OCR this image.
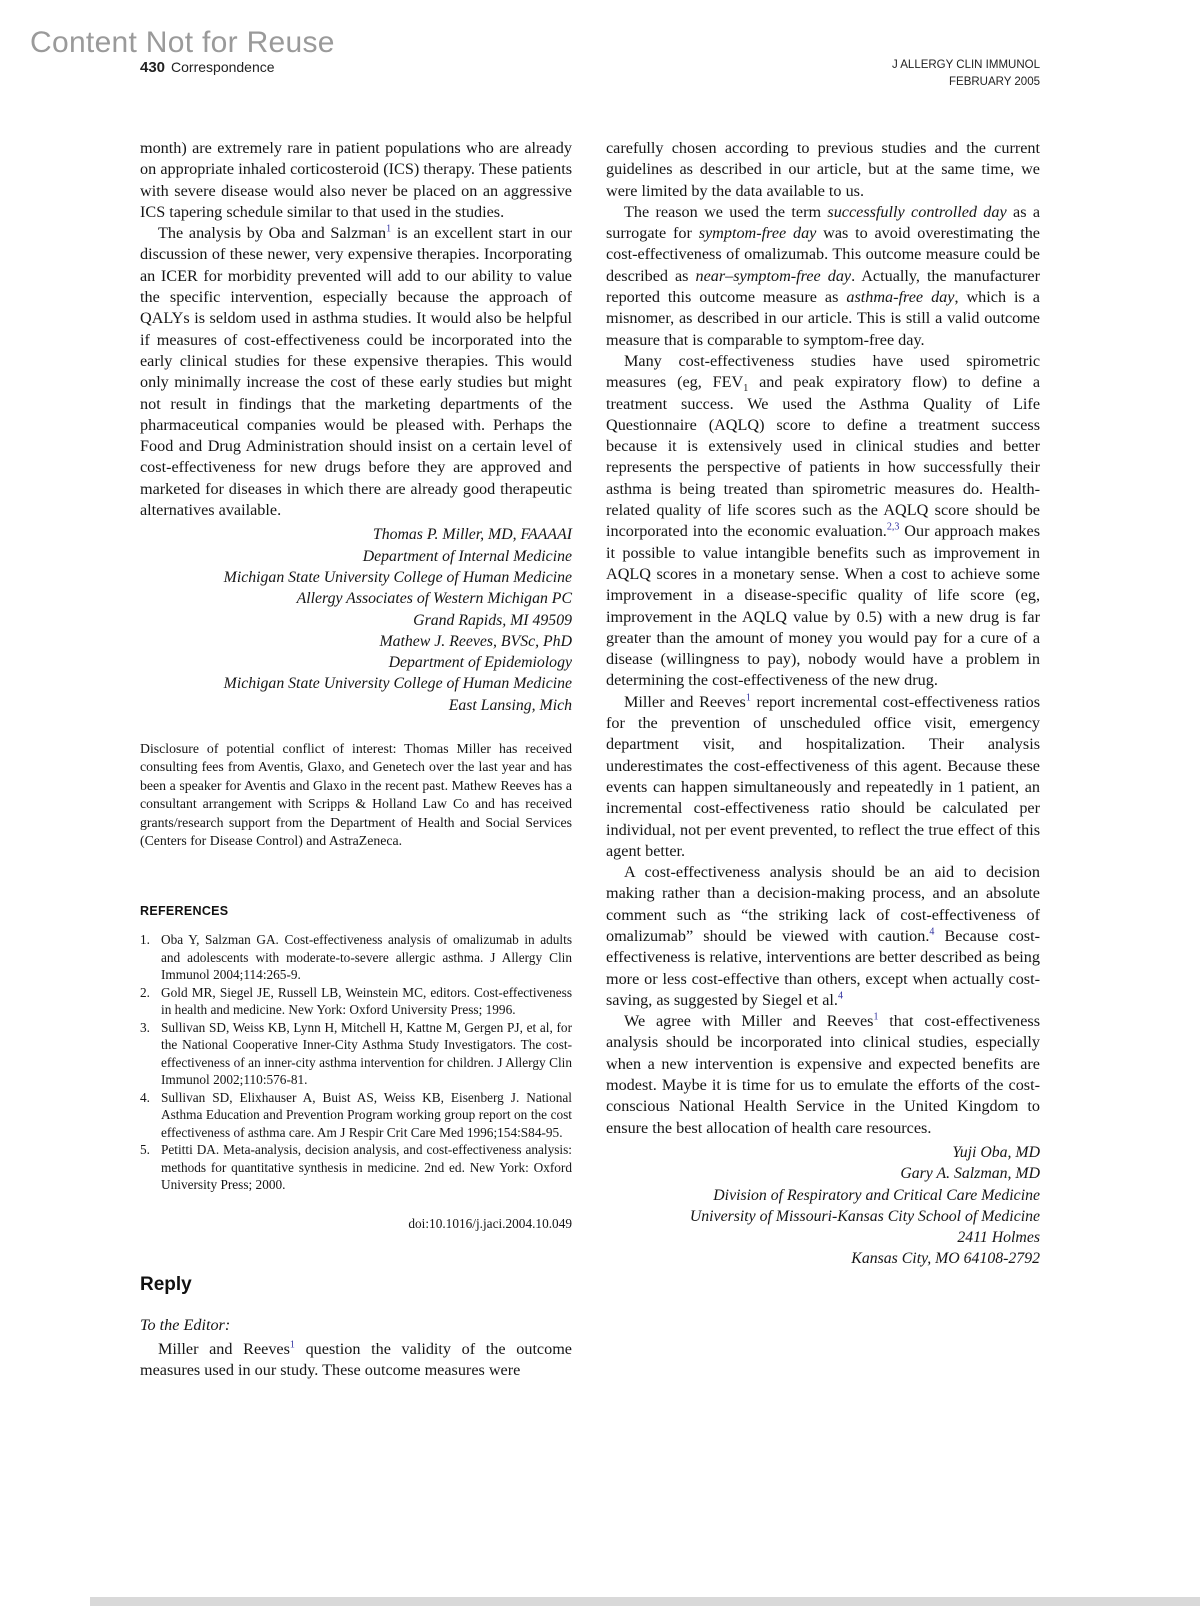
Content Not for Reuse
430 Correspondence	J ALLERGY CLIN IMMUNOL
FEBRUARY 2005

month) are extremely rare in patient populations who are already on appropriate inhaled corticosteroid (ICS) therapy. These patients with severe disease would also never be placed on an aggressive ICS tapering schedule similar to that used in the studies.

The analysis by Oba and Salzman$^1$ is an excellent start in our discussion of these newer, very expensive therapies. Incorporating an ICER for morbidity prevented will add to our ability to value the specific intervention, especially because the approach of QALYs is seldom used in asthma studies. It would also be helpful if measures of cost-effectiveness could be incorporated into the early clinical studies for these expensive therapies. This would only minimally increase the cost of these early studies but might not result in findings that the marketing departments of the pharmaceutical companies would be pleased with. Perhaps the Food and Drug Administration should insist on a certain level of cost-effectiveness for new drugs before they are approved and marketed for diseases in which there are already good therapeutic alternatives available.

Thomas P. Miller, MD, FAAAAI
Department of Internal Medicine
Michigan State University College of Human Medicine
Allergy Associates of Western Michigan PC
Grand Rapids, MI 49509
Mathew J. Reeves, BVSc, PhD
Department of Epidemiology
Michigan State University College of Human Medicine
East Lansing, Mich
Disclosure of potential conflict of interest: Thomas Miller has received consulting fees from Aventis, Glaxo, and Genetech over the last year and has been a speaker for Aventis and Glaxo in the recent past. Mathew Reeves has a consultant arrangement with Scripps & Holland Law Co and has received grants/research support from the Department of Health and Social Services (Centers for Disease Control) and AstraZeneca.
REFERENCES
1. Oba Y, Salzman GA. Cost-effectiveness analysis of omalizumab in adults and adolescents with moderate-to-severe allergic asthma. J Allergy Clin Immunol 2004;114:265-9.
2. Gold MR, Siegel JE, Russell LB, Weinstein MC, editors. Cost-effectiveness in health and medicine. New York: Oxford University Press; 1996.
3. Sullivan SD, Weiss KB, Lynn H, Mitchell H, Kattne M, Gergen PJ, et al, for the National Cooperative Inner-City Asthma Study Investigators. The cost-effectiveness of an inner-city asthma intervention for children. J Allergy Clin Immunol 2002;110:576-81.
4. Sullivan SD, Elixhauser A, Buist AS, Weiss KB, Eisenberg J. National Asthma Education and Prevention Program working group report on the cost effectiveness of asthma care. Am J Respir Crit Care Med 1996;154:S84-95.
5. Petitti DA. Meta-analysis, decision analysis, and cost-effectiveness analysis: methods for quantitative synthesis in medicine. 2nd ed. New York: Oxford University Press; 2000.
doi:10.1016/j.jaci.2004.10.049
Reply
To the Editor:

Miller and Reeves$^1$ question the validity of the outcome measures used in our study. These outcome measures were

carefully chosen according to previous studies and the current guidelines as described in our article, but at the same time, we were limited by the data available to us.

The reason we used the term successfully controlled day as a surrogate for symptom-free day was to avoid overestimating the cost-effectiveness of omalizumab. This outcome measure could be described as near–symptom-free day. Actually, the manufacturer reported this outcome measure as asthma-free day, which is a misnomer, as described in our article. This is still a valid outcome measure that is comparable to symptom-free day.

Many cost-effectiveness studies have used spirometric measures (eg, $FEV_1$ and peak expiratory flow) to define a treatment success. We used the Asthma Quality of Life Questionnaire (AQLQ) score to define a treatment success because it is extensively used in clinical studies and better represents the perspective of patients in how successfully their asthma is being treated than spirometric measures do. Health-related quality of life scores such as the AQLQ score should be incorporated into the economic evaluation.$^{2,3}$ Our approach makes it possible to value intangible benefits such as improvement in AQLQ scores in a monetary sense. When a cost to achieve some improvement in a disease-specific quality of life score (eg, improvement in the AQLQ value by 0.5) with a new drug is far greater than the amount of money you would pay for a cure of a disease (willingness to pay), nobody would have a problem in determining the cost-effectiveness of the new drug.

Miller and Reeves$^1$ report incremental cost-effectiveness ratios for the prevention of unscheduled office visit, emergency department visit, and hospitalization. Their analysis underestimates the cost-effectiveness of this agent. Because these events can happen simultaneously and repeatedly in 1 patient, an incremental cost-effectiveness ratio should be calculated per individual, not per event prevented, to reflect the true effect of this agent better.

A cost-effectiveness analysis should be an aid to decision making rather than a decision-making process, and an absolute comment such as “the striking lack of cost-effectiveness of omalizumab” should be viewed with caution.$^4$ Because cost-effectiveness is relative, interventions are better described as being more or less cost-effective than others, except when actually cost-saving, as suggested by Siegel et al.$^4$

We agree with Miller and Reeves$^1$ that cost-effectiveness analysis should be incorporated into clinical studies, especially when a new intervention is expensive and expected benefits are modest. Maybe it is time for us to emulate the efforts of the cost-conscious National Health Service in the United Kingdom to ensure the best allocation of health care resources.

Yuji Oba, MD
Gary A. Salzman, MD
Division of Respiratory and Critical Care Medicine
University of Missouri-Kansas City School of Medicine
2411 Holmes
Kansas City, MO 64108-2792
